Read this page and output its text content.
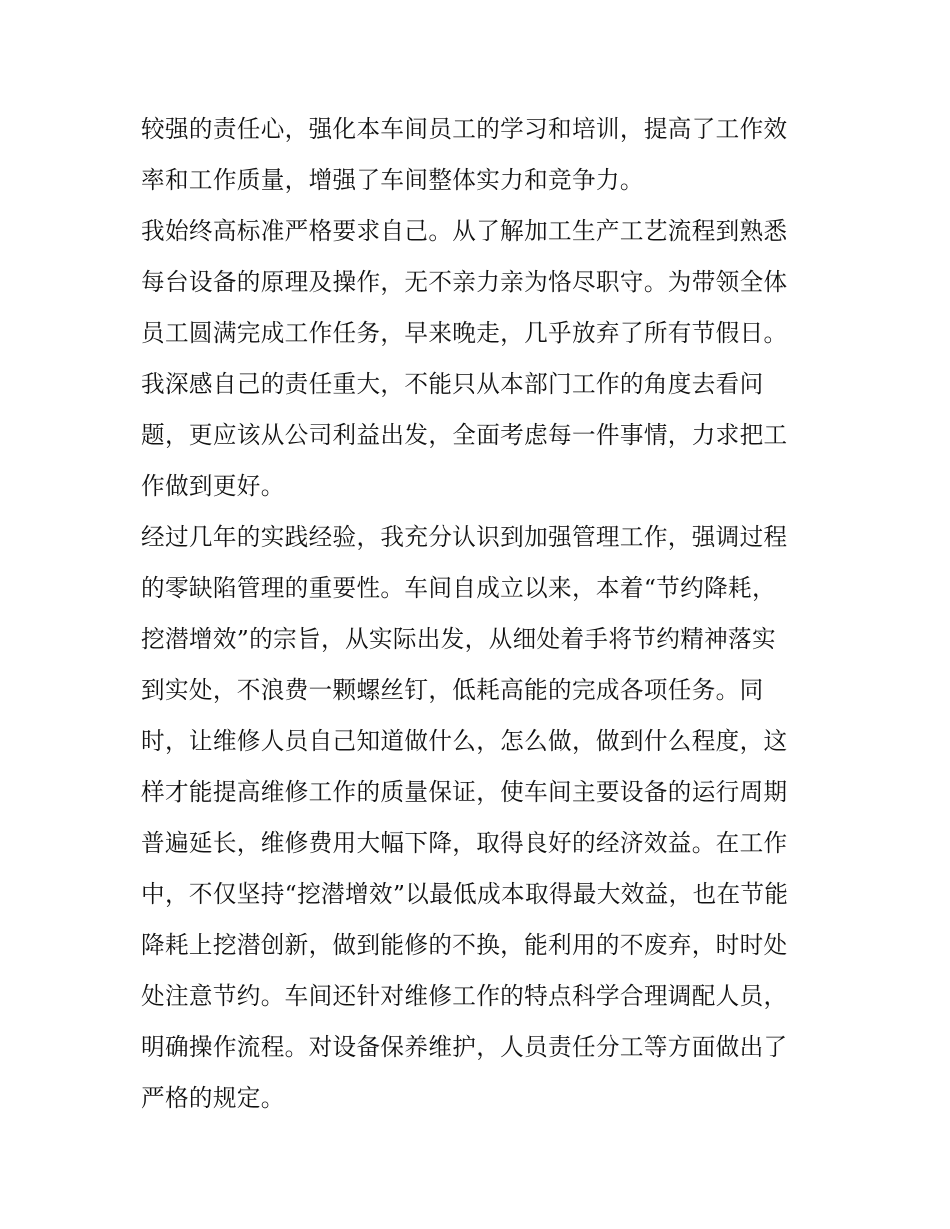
较强的责任心，强化本车间员工的学习和培训，提高了工作效
率和工作质量，增强了车间整体实力和竞争力。
我始终高标准严格要求自己。从了解加工生产工艺流程到熟悉
每台设备的原理及操作，无不亲力亲为恪尽职守。为带领全体
员工圆满完成工作任务，早来晚走，几乎放弃了所有节假日。
我深感自己的责任重大，不能只从本部门工作的角度去看问
题，更应该从公司利益出发，全面考虑每一件事情，力求把工
作做到更好。
经过几年的实践经验，我充分认识到加强管理工作，强调过程
的零缺陷管理的重要性。车间自成立以来，本着“节约降耗，
挖潜增效”的宗旨，从实际出发，从细处着手将节约精神落实
到实处，不浪费一颗螺丝钉，低耗高能的完成各项任务。同
时，让维修人员自己知道做什么，怎么做，做到什么程度，这
样才能提高维修工作的质量保证，使车间主要设备的运行周期
普遍延长，维修费用大幅下降，取得良好的经济效益。在工作
中，不仅坚持“挖潜增效”以最低成本取得最大效益，也在节能
降耗上挖潜创新，做到能修的不换，能利用的不废弃，时时处
处注意节约。车间还针对维修工作的特点科学合理调配人员，
明确操作流程。对设备保养维护，人员责任分工等方面做出了
严格的规定。
